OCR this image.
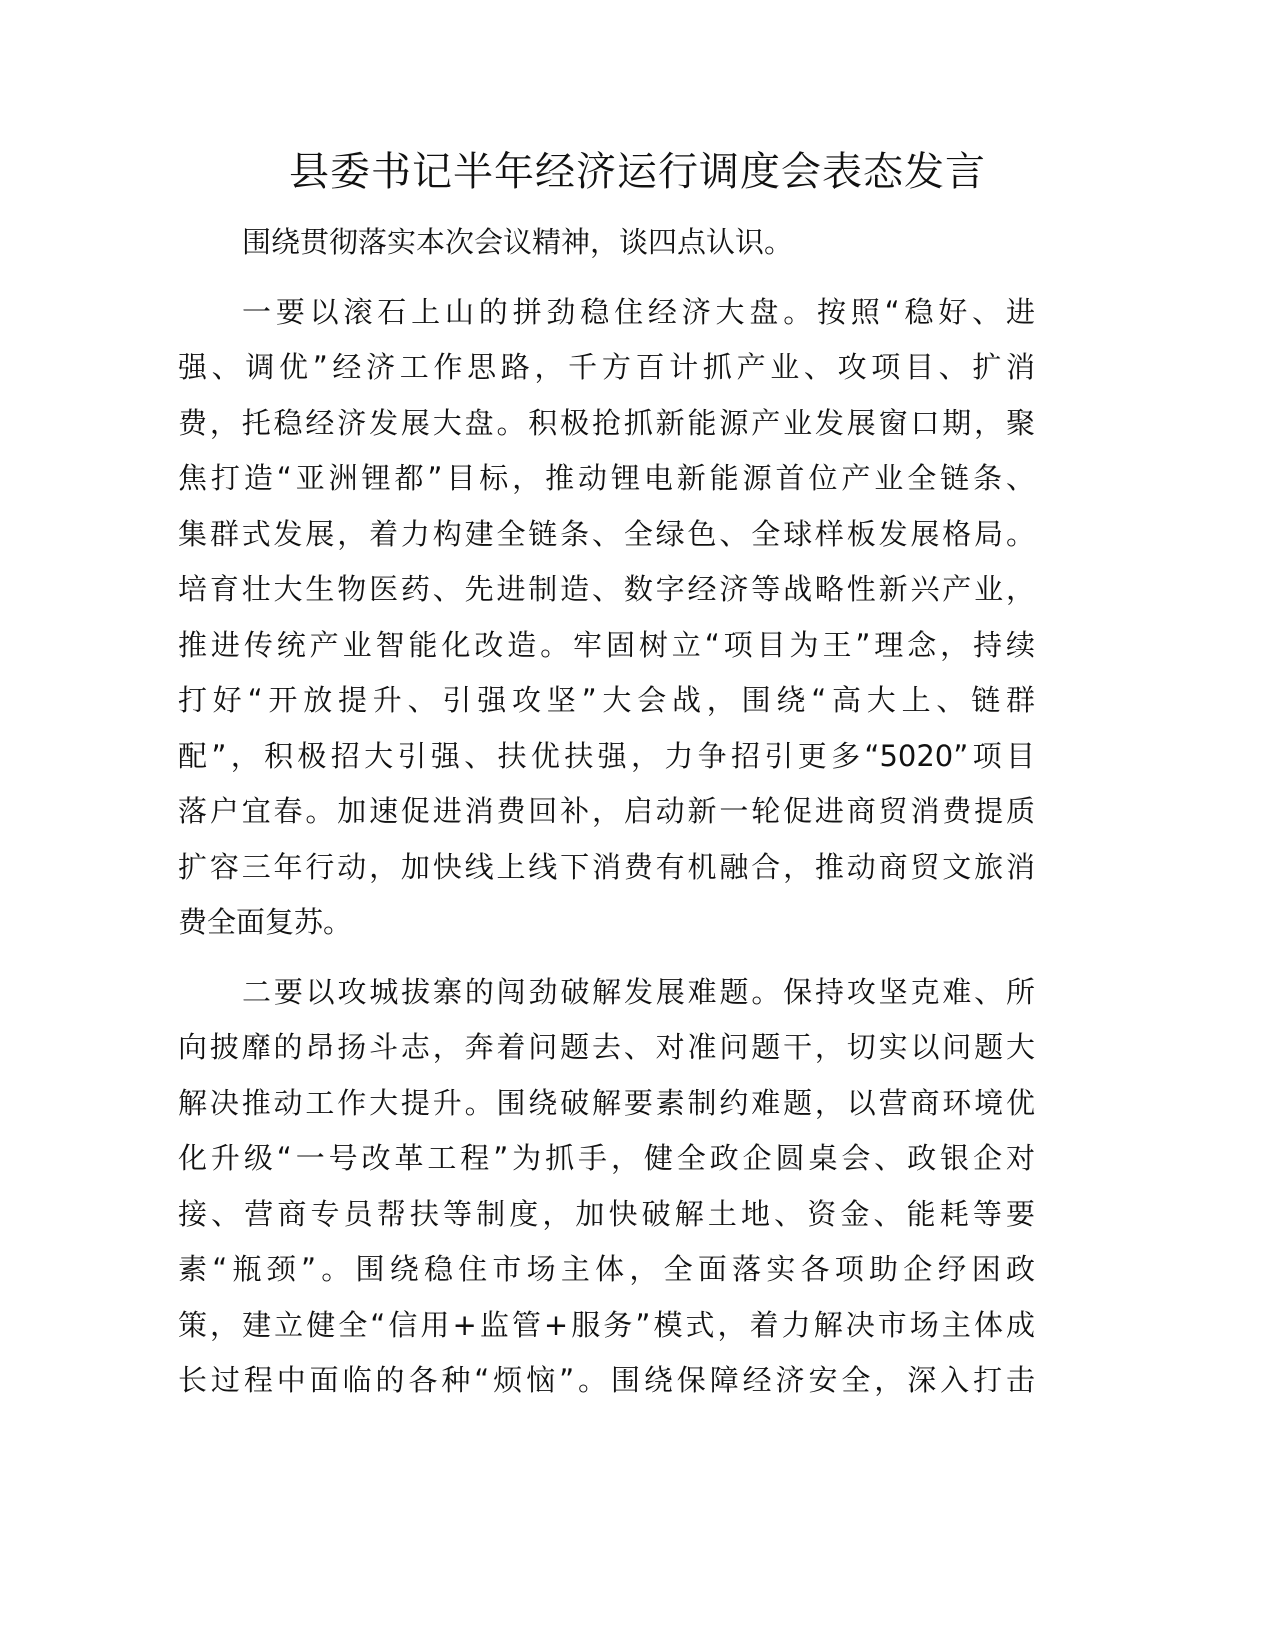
县委书记半年经济运行调度会表态发言
围绕贯彻落实本次会议精神，谈四点认识。
一要以滚石上山的拼劲稳住经济大盘。按照“稳好、进
强、调优”经济工作思路，千方百计抓产业、攻项目、扩消
费，托稳经济发展大盘。积极抢抓新能源产业发展窗口期，聚
焦打造“亚洲锂都”目标，推动锂电新能源首位产业全链条、
集群式发展，着力构建全链条、全绿色、全球样板发展格局。
培育壮大生物医药、先进制造、数字经济等战略性新兴产业，
推进传统产业智能化改造。牢固树立“项目为王”理念，持续
打好“开放提升、引强攻坚”大会战，围绕“高大上、链群
配”，积极招大引强、扶优扶强，力争招引更多“5020”项目
落户宜春。加速促进消费回补，启动新一轮促进商贸消费提质
扩容三年行动，加快线上线下消费有机融合，推动商贸文旅消
费全面复苏。
二要以攻城拔寨的闯劲破解发展难题。保持攻坚克难、所
向披靡的昂扬斗志，奔着问题去、对准问题干，切实以问题大
解决推动工作大提升。围绕破解要素制约难题，以营商环境优
化升级“一号改革工程”为抓手，健全政企圆桌会、政银企对
接、营商专员帮扶等制度，加快破解土地、资金、能耗等要
素“瓶颈”。围绕稳住市场主体，全面落实各项助企纾困政
策，建立健全“信用+监管+服务”模式，着力解决市场主体成
长过程中面临的各种“烦恼”。围绕保障经济安全，深入打击
